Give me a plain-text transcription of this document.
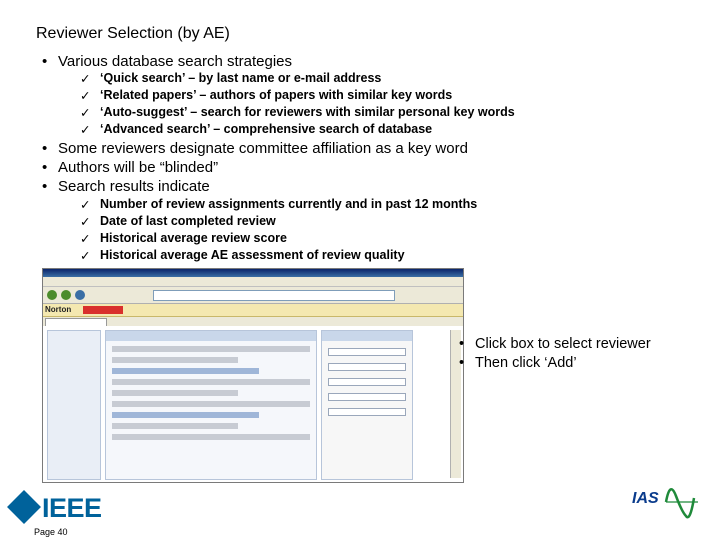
Reviewer Selection (by AE)
• Various database search strategies
✓ ‘Quick search’ – by last name or e-mail address
✓ ‘Related papers’ – authors of papers with similar key words
✓ ‘Auto-suggest’ – search for reviewers with similar personal key words
✓ ‘Advanced search’ – comprehensive search of database
• Some reviewers designate committee affiliation as a key word
• Authors will be “blinded”
• Search results indicate
✓ Number of review assignments currently and in past 12 months
✓ Date of last completed review
✓ Historical average review score
✓ Historical average AE assessment of review quality
Norton
• Click box to select reviewer
• Then click ‘Add’
IEEE
Page 40
IAS
